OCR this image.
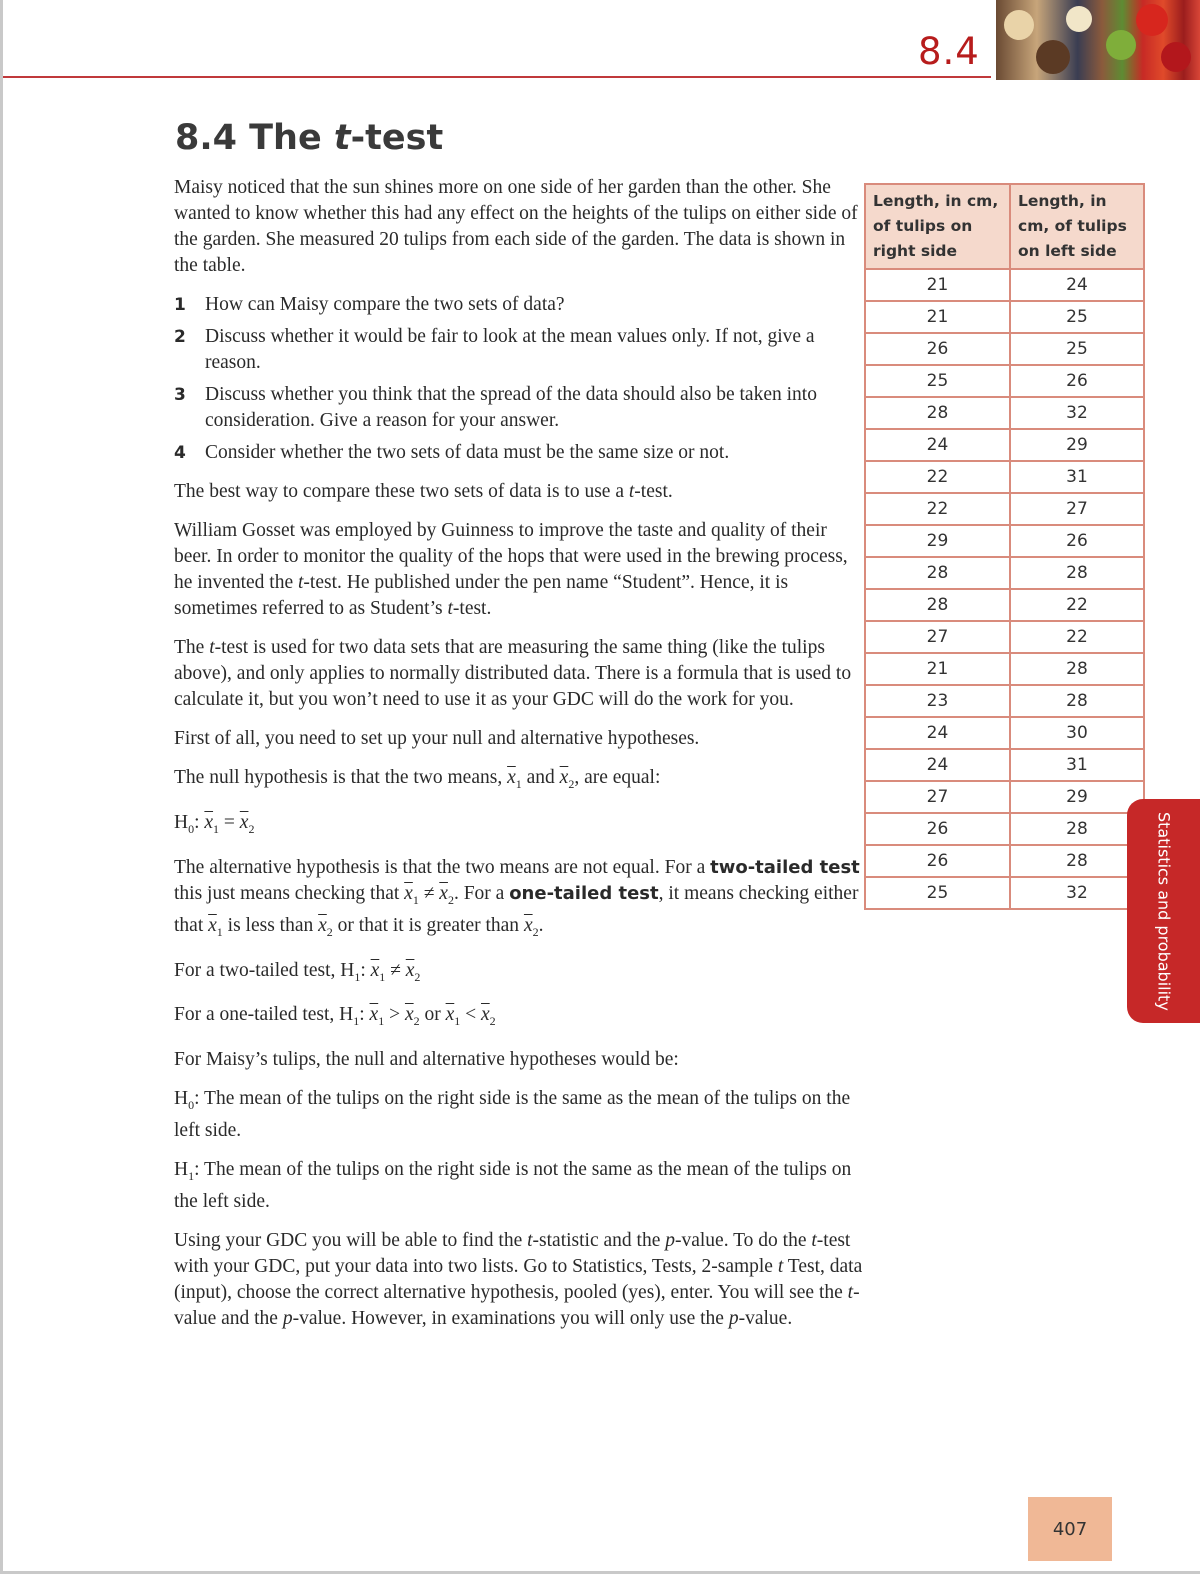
8.4
8.4 The t-test

Maisy noticed that the sun shines more on one side of her garden than the other. She wanted to know whether this had any effect on the heights of the tulips on either side of the garden. She measured 20 tulips from each side of the garden. The data is shown in the table.

1 How can Maisy compare the two sets of data?
2 Discuss whether it would be fair to look at the mean values only. If not, give a reason.
3 Discuss whether you think that the spread of the data should also be taken into consideration. Give a reason for your answer.
4 Consider whether the two sets of data must be the same size or not.

The best way to compare these two sets of data is to use a t-test.

William Gosset was employed by Guinness to improve the taste and quality of their beer. In order to monitor the quality of the hops that were used in the brewing process, he invented the t-test. He published under the pen name “Student”. Hence, it is sometimes referred to as Student’s t-test.

The t-test is used for two data sets that are measuring the same thing (like the tulips above), and only applies to normally distributed data. There is a formula that is used to calculate it, but you won’t need to use it as your GDC will do the work for you.

First of all, you need to set up your null and alternative hypotheses.

The null hypothesis is that the two means, $\overline{x}_1$ and $\overline{x}_2$, are equal:

$H_0$: $\overline{x}_1 = \overline{x}_2$

The alternative hypothesis is that the two means are not equal. For a two-tailed test this just means checking that $\overline{x}_1 \ne \overline{x}_2$. For a one-tailed test, it means checking either that $\overline{x}_1$ is less than $\overline{x}_2$ or that it is greater than $\overline{x}_2$.

For a two-tailed test, $H_1$: $\overline{x}_1 \ne \overline{x}_2$

For a one-tailed test, $H_1$: $\overline{x}_1 > \overline{x}_2$ or $\overline{x}_1 < \overline{x}_2$

For Maisy’s tulips, the null and alternative hypotheses would be:

$H_0$: The mean of the tulips on the right side is the same as the mean of the tulips on the left side.

$H_1$: The mean of the tulips on the right side is not the same as the mean of the tulips on the left side.

Using your GDC you will be able to find the t-statistic and the p-value. To do the t-test with your GDC, put your data into two lists. Go to Statistics, Tests, 2-sample t Test, data (input), choose the correct alternative hypothesis, pooled (yes), enter. You will see the t-value and the p-value. However, in examinations you will only use the p-value.

Length, in cm, of tulips on right side	Length, in cm, of tulips on left side
21	24
21	25
26	25
25	26
28	32
24	29
22	31
22	27
29	26
28	28
28	22
27	22
21	28
23	28
24	30
24	31
27	29
26	28
26	28
25	32	Statistics and probability
407
